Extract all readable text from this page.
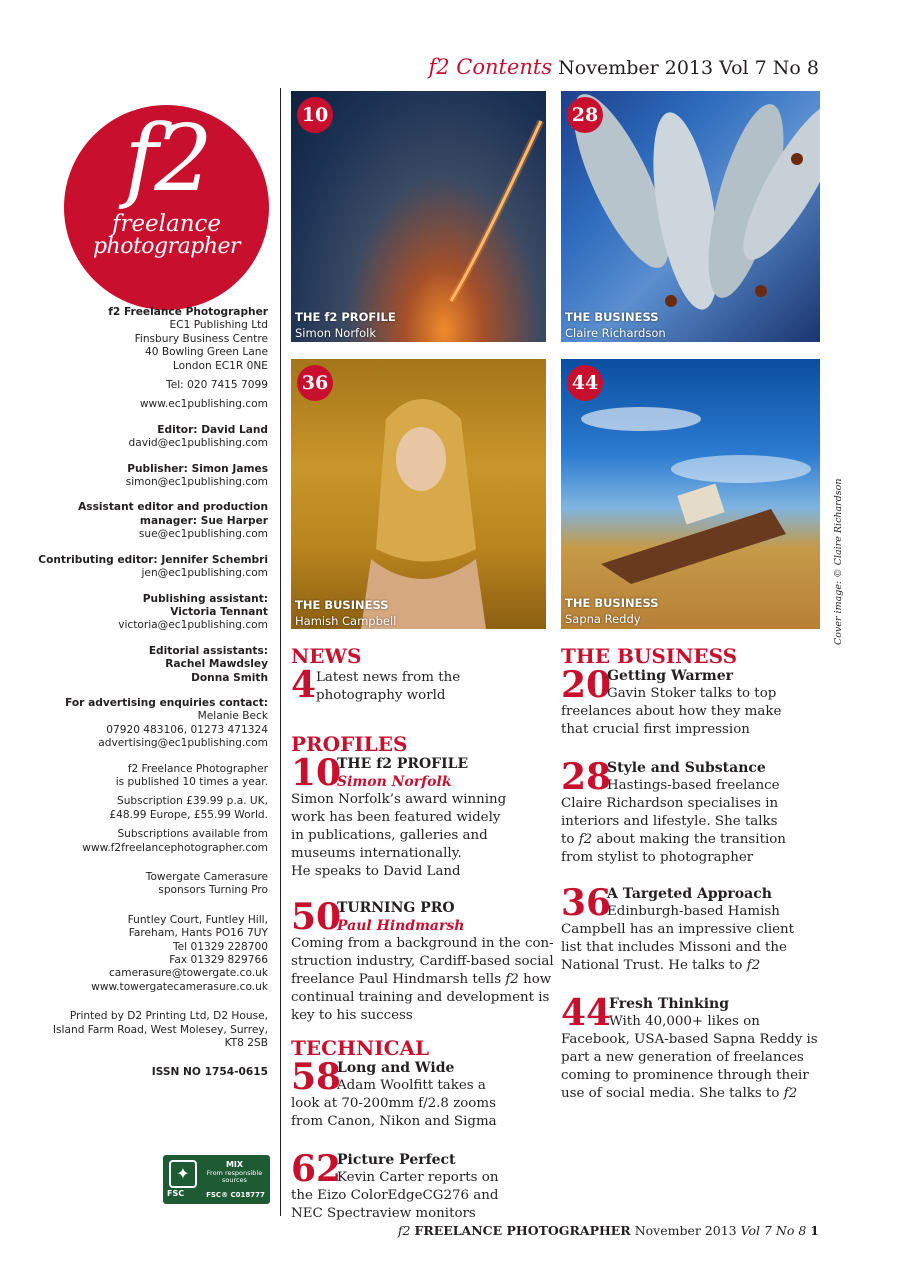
f2 Contents November 2013 Vol 7 No 8
f2
freelance
photographer
f2 Freelance Photographer
EC1 Publishing Ltd
Finsbury Business Centre
40 Bowling Green Lane
London EC1R 0NE
Tel: 020 7415 7099
www.ec1publishing.com
Editor: David Land
david@ec1publishing.com
Publisher: Simon James
simon@ec1publishing.com
Assistant editor and production
manager: Sue Harper
sue@ec1publishing.com
Contributing editor: Jennifer Schembri
jen@ec1publishing.com
Publishing assistant:
Victoria Tennant
victoria@ec1publishing.com
Editorial assistants:
Rachel Mawdsley
Donna Smith
For advertising enquiries contact:
Melanie Beck
07920 483106, 01273 471324
advertising@ec1publishing.com
f2 Freelance Photographer
is published 10 times a year.
Subscription £39.99 p.a. UK,
£48.99 Europe, £55.99 World.
Subscriptions available from
www.f2freelancephotographer.com
Towergate Camerasure
sponsors Turning Pro
Funtley Court, Funtley Hill,
Fareham, Hants PO16 7UY
Tel 01329 228700
Fax 01329 829766
camerasure@towergate.co.uk
www.towergatecamerasure.co.uk
Printed by D2 Printing Ltd, D2 House,
Island Farm Road, West Molesey, Surrey,
KT8 2SB
ISSN NO 1754-0615
✦
FSC
MIX
From responsible sources
FSC® C018777
10
THE f2 PROFILE
Simon Norfolk
28
THE BUSINESS
Claire Richardson
36
THE BUSINESS
Hamish Campbell
44
THE BUSINESS
Sapna Reddy	Cover image: © Claire Richardson
NEWS
4 Latest news from the
photography world
PROFILES
10
THE f2 PROFILE
Simon Norfolk
Simon Norfolk’s award winning
work has been featured widely
in publications, galleries and
museums internationally.
He speaks to David Land
50
TURNING PRO
Paul Hindmarsh
Coming from a background in the con-
struction industry, Cardiff-based social
freelance Paul Hindmarsh tells f2 how
continual training and development is
key to his success
TECHNICAL
58
Long and Wide
Adam Woolfitt takes a
look at 70-200mm f/2.8 zooms
from Canon, Nikon and Sigma
62
Picture Perfect
Kevin Carter reports on
the Eizo ColorEdgeCG276 and
NEC Spectraview monitors
THE BUSINESS
20
Getting Warmer
Gavin Stoker talks to top
freelances about how they make
that crucial first impression
28
Style and Substance
Hastings-based freelance
Claire Richardson specialises in
interiors and lifestyle. She talks
to f2 about making the transition
from stylist to photographer
36
A Targeted Approach
Edinburgh-based Hamish
Campbell has an impressive client
list that includes Missoni and the
National Trust. He talks to f2
44
Fresh Thinking
With 40,000+ likes on
Facebook, USA-based Sapna Reddy is
part a new generation of freelances
coming to prominence through their
use of social media. She talks to f2
f2 FREELANCE PHOTOGRAPHER November 2013 Vol 7 No 8 1
